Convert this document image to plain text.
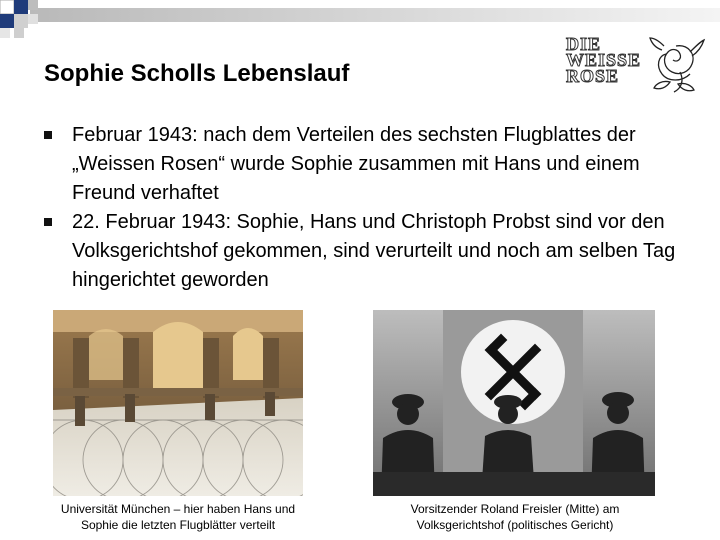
Sophie Scholls Lebenslauf
DIE
WEISSE
ROSE
Februar 1943: nach dem Verteilen des sechsten Flugblattes der „Weissen Rosen“ wurde Sophie zusammen mit Hans und einem Freund verhaftet
22. Februar 1943: Sophie, Hans und Christoph Probst sind vor den Volksgerichtshof gekommen, sind verurteilt und noch am selben Tag hingerichtet geworden
Universität München – hier haben Hans und
Sophie die letzten Flugblätter verteilt
Vorsitzender Roland Freisler (Mitte) am
Volksgerichtshof (politisches Gericht)
